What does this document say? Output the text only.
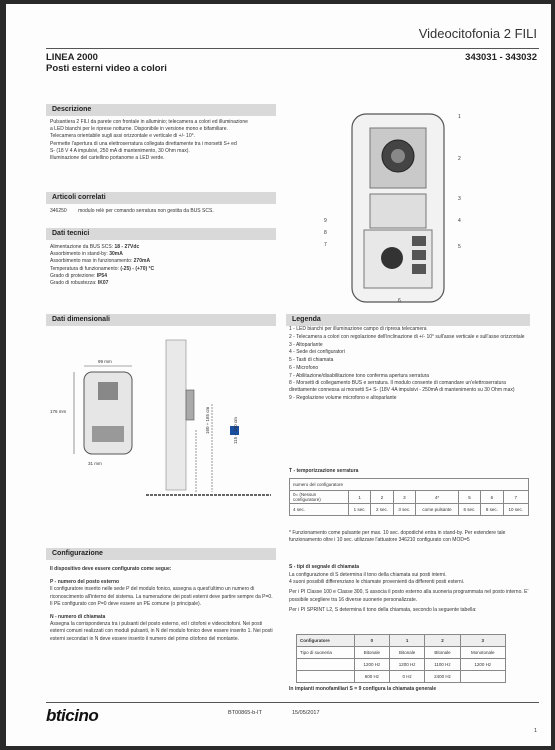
Videocitofonia 2 FILI
LINEA 2000
Posti esterni video a colori
343031 - 343032
Descrizione

Pulsantiera 2 FILI da parete con frontale in alluminio; telecamera a colori ed illuminazione

a LED bianchi per le riprese notturne. Disponibile in versione mono e bifamiliare.

Telecamera orientabile sugli assi orizzontale e verticale di +/- 10°.

Permette l'apertura di una elettroserratura collegata direttamente tra i morsetti S+ ed

S- (18 V 4 A impulsivi, 250 mA di mantenimento, 30 Ohm max).

Illuminazione del cartellino portanome a LED verde.

Articoli correlati
346250 modulo relè per comando serratura non gestita da BUS SCS.
Dati tecnici

Alimentazione da BUS SCS: 18 - 27Vdc

Assorbimento in stand-by: 30mA

Assorbimento max in funzionamento: 270mA

Temperatura di funzionamento: (-25) - (+70) °C

Grado di protezione: IP54

Grado di robustezza: IK07

1
2
3
4
5
6
7
8
9
Dati dimensionali
99 mm
176 mm
31 mm
160 ÷ 165 cm	115 ÷ 140 cm
Legenda
1 - LED bianchi per illuminazione campo di ripresa telecamera
2 - Telecamera a colori con regolazione dell'inclinazione di +/- 10° sull'asse verticale e sull'asse orizzontale
3 - Altoparlante
4 - Sede dei configuratori
5 - Tasti di chiamata
6 - Microfono
7 - Abilitazione/disabilitazione tono conferma apertura serratura
8 - Morsetti di collegamento BUS e serratura. Il modulo consente di comandare un'elettroserratura direttamente connessa ai morsetti S+ S- (18V 4A impulsivi - 250mA di mantenimento su 30 Ohm max)
9 - Regolazione volume microfono e altoparlante
T - temporizzazione serratura
numero del configuratore							
0= (Nessun configuratore)	1	2	3	4*	5	6	7
4 sec.	1 sec.	2 sec.	3 sec.	come pulsante	6 sec.	8 sec.	10 sec.
* Funzionamento come pulsante per max. 10 sec. dopodiché entra in stand-by. Per estendere tale funzionamento oltre i 10 sec. utilizzare l'attuatore 346210 configurato con MOD=5
S - tipi di segnale di chiamata

La configurazione di S determina il tono della chiamata sui posti interni.

4 suoni possibili differenziano le chiamate provenienti da differenti posti esterni.

Per i PI Classe 100 e Classe 300, S associa il posto esterno alla suoneria programmata nel posto interno. E' possibile scegliere tra 16 diverse suonerie personalizzate.

Per i PI SPRINT L2, S determina il tono della chiamata, secondo la seguente tabella:

Configuratore	0	1	2	3
Tipo di suoneria	Bitonale	Bitonale	Bitonale	Monotonale
	1200 Hz	1200 Hz	1100 Hz	1200 Hz
	600 Hz	0 Hz	2400 Hz	
In impianti monofamiliari S = 9 configura la chiamata generale
Configurazione

Il dispositivo deve essere configurato come segue:

P - numero del posto esterno

Il configuratore inserito nelle sede P del modulo fonico, assegna a quest'ultimo un numero di riconoscimento all'interno del sistema. La numerazione dei posti esterni deve partire sempre da P=0. Il PE configurato con P=0 deve essere un PE comune (o principale).

N - numero di chiamata

Assegna la corrispondenza tra i pulsanti del posto esterno, ed i citofoni e videocitofoni. Nei posti esterni comuni realizzati con moduli pulsanti, in N del modulo fonico deve essere inserito 1. Nei posti esterni secondari in N deve essere inserito il numero del primo citofono del montante.

bticino	BT00865-b-IT	15/05/2017
1
